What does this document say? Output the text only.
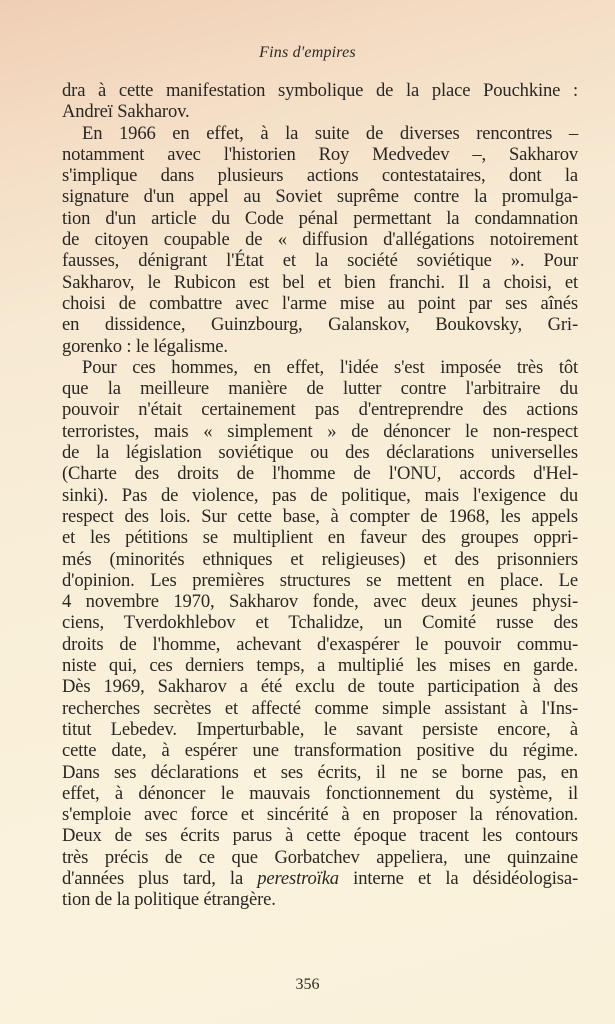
Fins d'empires
dra à cette manifestation symbolique de la place Pouchkine :
Andreï Sakharov.
En 1966 en effet, à la suite de diverses rencontres –
notamment avec l'historien Roy Medvedev –, Sakharov
s'implique dans plusieurs actions contestataires, dont la
signature d'un appel au Soviet suprême contre la promulga-
tion d'un article du Code pénal permettant la condamnation
de citoyen coupable de « diffusion d'allégations notoirement
fausses, dénigrant l'État et la société soviétique ». Pour
Sakharov, le Rubicon est bel et bien franchi. Il a choisi, et
choisi de combattre avec l'arme mise au point par ses aînés
en dissidence, Guinzbourg, Galanskov, Boukovsky, Gri-
gorenko : le légalisme.
Pour ces hommes, en effet, l'idée s'est imposée très tôt
que la meilleure manière de lutter contre l'arbitraire du
pouvoir n'était certainement pas d'entreprendre des actions
terroristes, mais « simplement » de dénoncer le non-respect
de la législation soviétique ou des déclarations universelles
(Charte des droits de l'homme de l'ONU, accords d'Hel-
sinki). Pas de violence, pas de politique, mais l'exigence du
respect des lois. Sur cette base, à compter de 1968, les appels
et les pétitions se multiplient en faveur des groupes oppri-
més (minorités ethniques et religieuses) et des prisonniers
d'opinion. Les premières structures se mettent en place. Le
4 novembre 1970, Sakharov fonde, avec deux jeunes physi-
ciens, Tverdokhlebov et Tchalidze, un Comité russe des
droits de l'homme, achevant d'exaspérer le pouvoir commu-
niste qui, ces derniers temps, a multiplié les mises en garde.
Dès 1969, Sakharov a été exclu de toute participation à des
recherches secrètes et affecté comme simple assistant à l'Ins-
titut Lebedev. Imperturbable, le savant persiste encore, à
cette date, à espérer une transformation positive du régime.
Dans ses déclarations et ses écrits, il ne se borne pas, en
effet, à dénoncer le mauvais fonctionnement du système, il
s'emploie avec force et sincérité à en proposer la rénovation.
Deux de ses écrits parus à cette époque tracent les contours
très précis de ce que Gorbatchev appeliera, une quinzaine
d'années plus tard, la perestroïka interne et la désidéologisa-
tion de la politique étrangère.
356
